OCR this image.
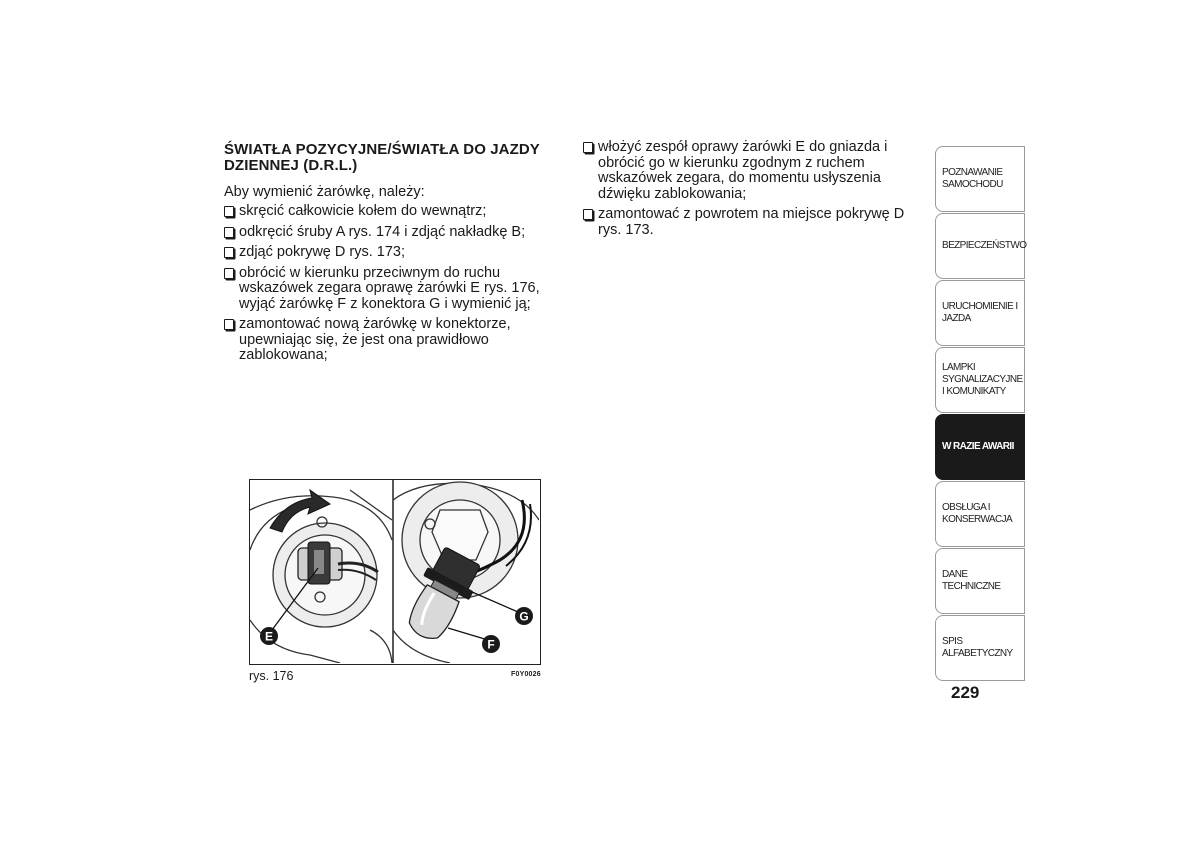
ŚWIATŁA POZYCYJNE/ŚWIATŁA DO JAZDY DZIENNEJ (D.R.L.)
Aby wymienić żarówkę, należy:
skręcić całkowicie kołem do wewnątrz;
odkręcić śruby A rys. 174 i zdjąć nakładkę B;
zdjąć pokrywę D rys. 173;
obrócić w kierunku przeciwnym do ruchu wskazówek zegara oprawę żarówki E rys. 176, wyjąć żarówkę F z konektora G i wymienić ją;
zamontować nową żarówkę w konektorze, upewniając się, że jest ona prawidłowo zablokowana;
włożyć zespół oprawy żarówki E do gniazda i obrócić go w kierunku zgodnym z ruchem wskazówek zegara, do momentu usłyszenia dźwięku zablokowania;
zamontować z powrotem na miejsce pokrywę D rys. 173.
E
F
G
rys. 176	F0Y0026
POZNAWANIE SAMOCHODU
BEZPIECZEŃSTWO
URUCHOMIENIE I JAZDA
LAMPKI SYGNALIZACYJNE I KOMUNIKATY
W RAZIE AWARII
OBSŁUGA I KONSERWACJA
DANE TECHNICZNE
SPIS ALFABETYCZNY
229
